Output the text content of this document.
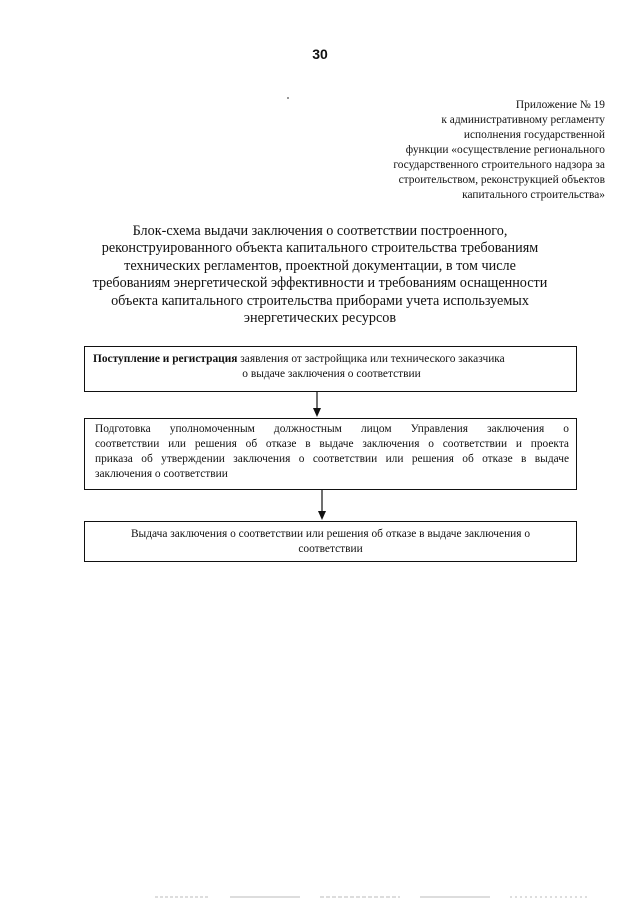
30
Приложение № 19
к административному регламенту
исполнения государственной
функции «осуществление регионального
государственного строительного надзора за
строительством, реконструкцией объектов
капитального строительства»
Блок-схема выдачи заключения о соответствии построенного,
реконструированного объекта капитального строительства требованиям
технических регламентов, проектной документации, в том числе
требованиям энергетической эффективности и требованиям оснащенности
объекта капитального строительства приборами учета используемых
энергетических ресурсов
Поступление и регистрация заявления от застройщика или технического заказчика
о выдаче заключения о соответствии
Подготовка уполномоченным должностным лицом Управления заключения о
соответствии или решения об отказе в выдаче заключения о соответствии и проекта
приказа об утверждении заключения о соответствии или решения об отказе в выдаче
заключения о соответствии
Выдача заключения о соответствии или решения об отказе в выдаче заключения о
соответствии
